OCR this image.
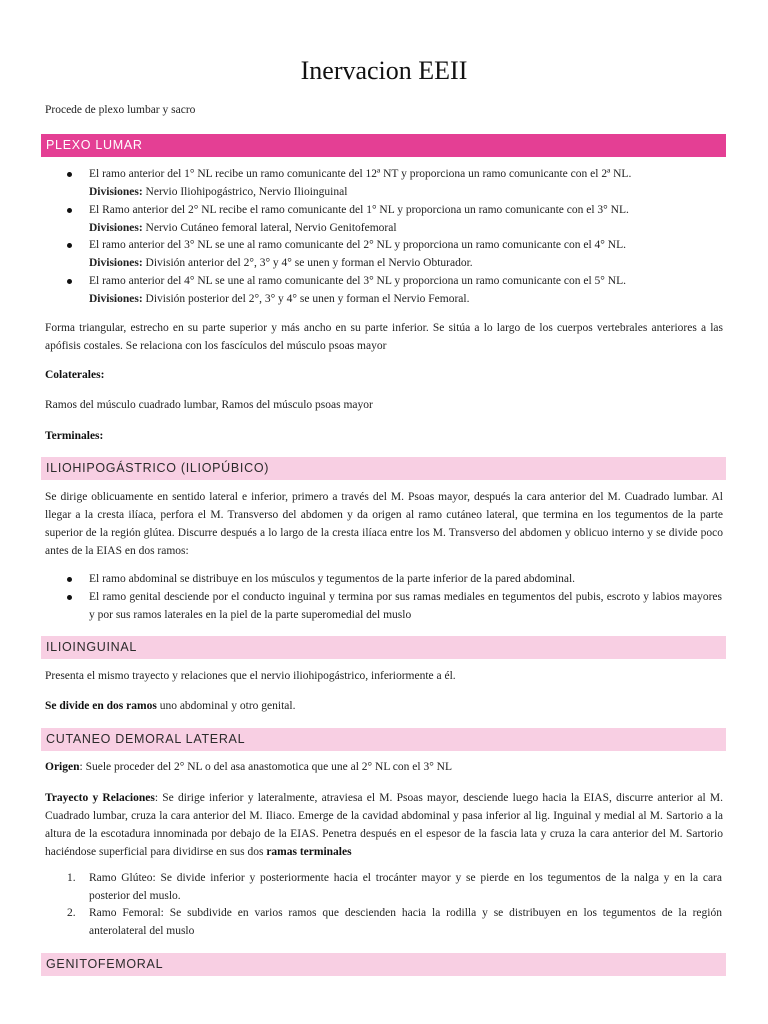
Inervacion EEII
Procede de plexo lumbar y sacro
PLEXO LUMAR
El ramo anterior del 1° NL recibe un ramo comunicante del 12ª NT y proporciona un ramo comunicante con el 2ª NL.
Divisiones: Nervio Iliohipogástrico, Nervio Ilioinguinal
El Ramo anterior del 2° NL recibe el ramo comunicante del 1° NL y proporciona un ramo comunicante con el 3° NL.
Divisiones: Nervio Cutáneo femoral lateral, Nervio Genitofemoral
El ramo anterior del 3° NL se une al ramo comunicante del 2° NL y proporciona un ramo comunicante con el 4° NL.
Divisiones: División anterior del 2°, 3° y 4° se unen y forman el Nervio Obturador.
El ramo anterior del 4° NL se une al ramo comunicante del 3° NL y proporciona un ramo comunicante con el 5° NL.
Divisiones: División posterior del 2°, 3° y 4° se unen y forman el Nervio Femoral.
Forma triangular, estrecho en su parte superior y más ancho en su parte inferior. Se sitúa a lo largo de los cuerpos vertebrales anteriores a las apófisis costales. Se relaciona con los fascículos del músculo psoas mayor
Colaterales:
Ramos del músculo cuadrado lumbar, Ramos del músculo psoas mayor
Terminales:
ILIOHIPOGÁSTRICO (ILIOPÚBICO)
Se dirige oblicuamente en sentido lateral e inferior, primero a través del M. Psoas mayor, después la cara anterior del M. Cuadrado lumbar. Al llegar a la cresta ilíaca, perfora el M. Transverso del abdomen y da origen al ramo cutáneo lateral, que termina en los tegumentos de la parte superior de la región glútea. Discurre después a lo largo de la cresta ilíaca entre los M. Transverso del abdomen y oblicuo interno y se divide poco antes de la EIAS en dos ramos:
El ramo abdominal se distribuye en los músculos y tegumentos de la parte inferior de la pared abdominal.
El ramo genital desciende por el conducto inguinal y termina por sus ramas mediales en tegumentos del pubis, escroto y labios mayores y por sus ramos laterales en la piel de la parte superomedial del muslo
ILIOINGUINAL
Presenta el mismo trayecto y relaciones que el nervio iliohipogástrico, inferiormente a él.
Se divide en dos ramos uno abdominal y otro genital.
CUTANEO DEMORAL LATERAL
Origen: Suele proceder del 2° NL o del asa anastomotica que une al 2° NL con el 3° NL
Trayecto y Relaciones: Se dirige inferior y lateralmente, atraviesa el M. Psoas mayor, desciende luego hacia la EIAS, discurre anterior al M. Cuadrado lumbar, cruza la cara anterior del M. Iliaco. Emerge de la cavidad abdominal y pasa inferior al lig. Inguinal y medial al M. Sartorio a la altura de la escotadura innominada por debajo de la EIAS. Penetra después en el espesor de la fascia lata y cruza la cara anterior del M. Sartorio haciéndose superficial para dividirse en sus dos ramas terminales
1. Ramo Glúteo: Se divide inferior y posteriormente hacia el trocánter mayor y se pierde en los tegumentos de la nalga y en la cara posterior del muslo.
2. Ramo Femoral: Se subdivide en varios ramos que descienden hacia la rodilla y se distribuyen en los tegumentos de la región anterolateral del muslo
GENITOFEMORAL
